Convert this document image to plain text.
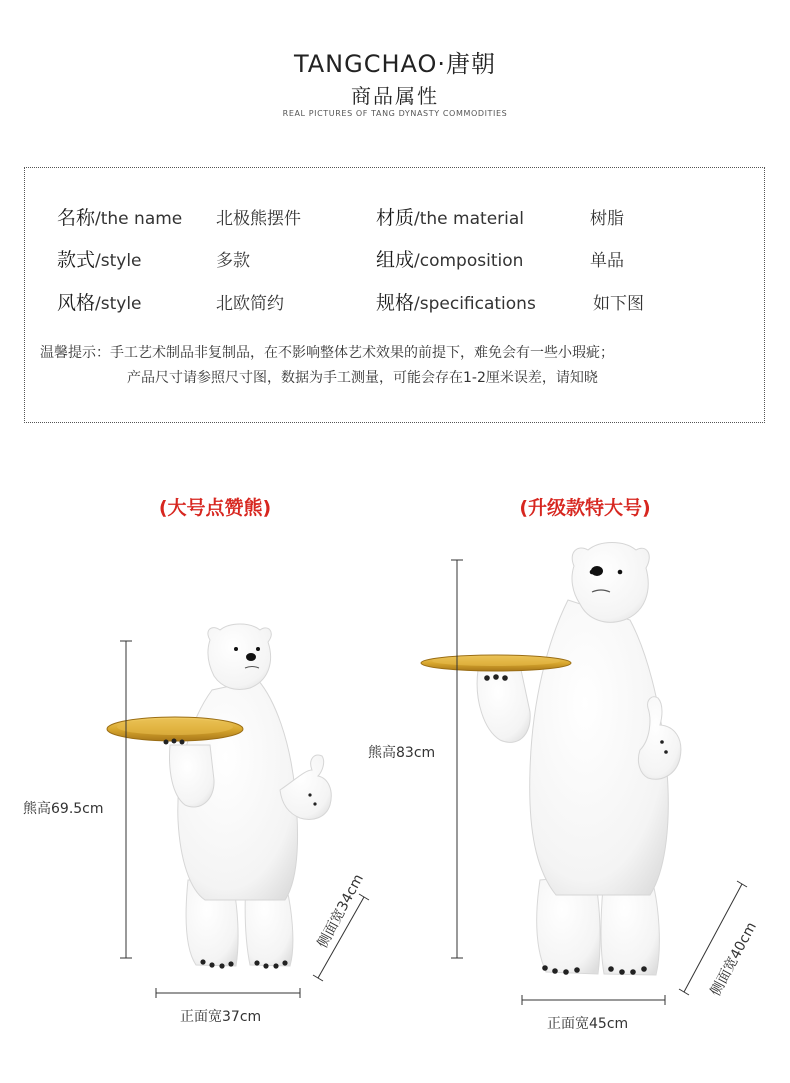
TANGCHAO·唐朝
商品属性
REAL PICTURES OF TANG DYNASTY COMMODITIES
名称/the name 北极熊摆件	材质/the material	树脂
款式/style	多款	组成/composition	单品
风格/style	北欧简约	规格/specifications	如下图
温馨提示：手工艺术制品非复制品，在不影响整体艺术效果的前提下，难免会有一些小瑕疵；
产品尺寸请参照尺寸图，数据为手工测量，可能会存在1-2厘米误差，请知晓
(大号点赞熊)	(升级款特大号)
熊高69.5cm
正面宽37cm
侧面宽34cm
熊高83cm
正面宽45cm
侧面宽40cm
